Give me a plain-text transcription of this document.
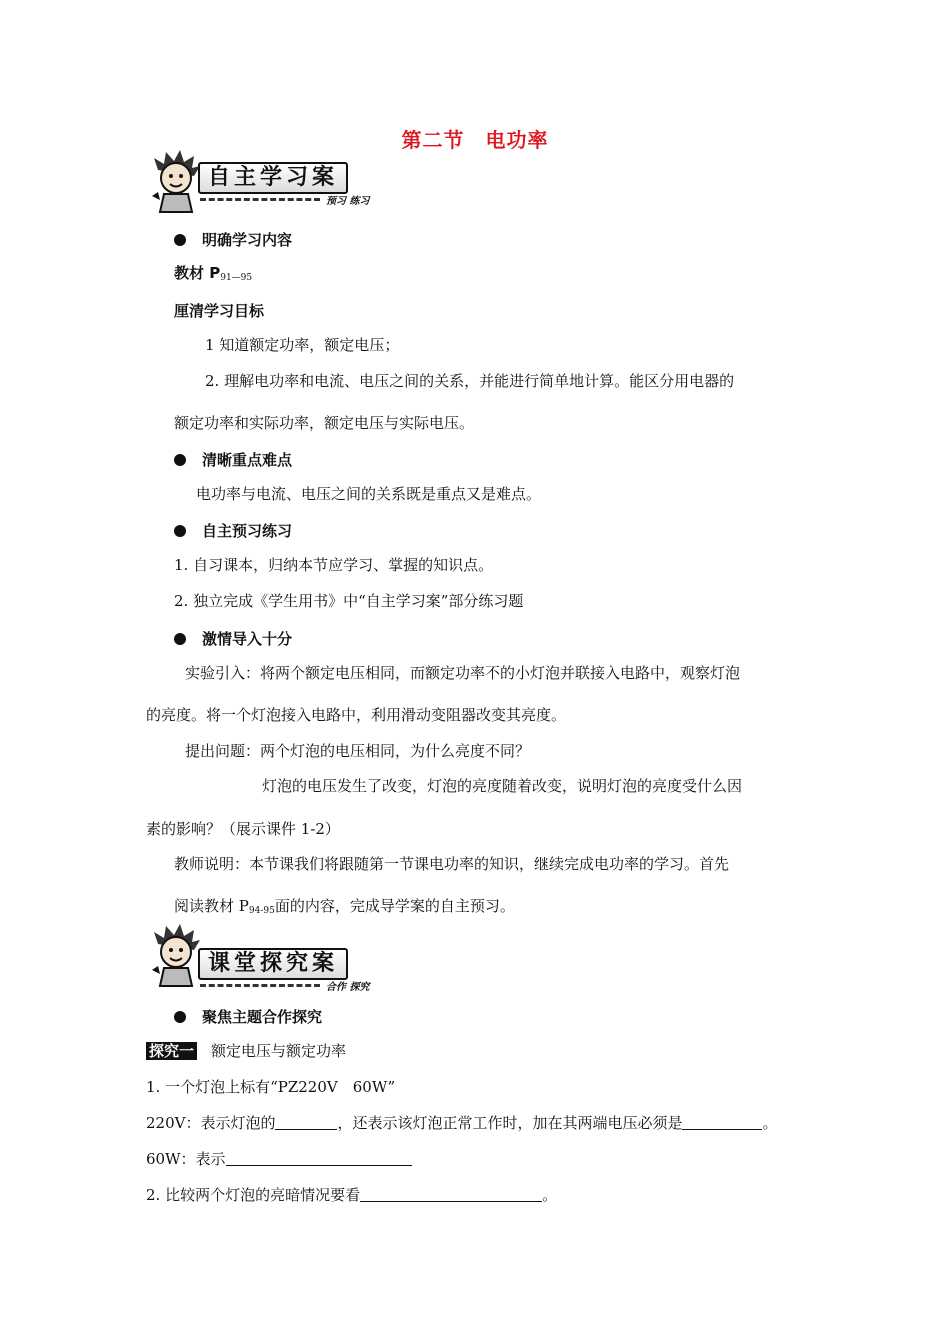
第二节　电功率
自主学习案
预习 练习
明确学习内容
教材 $P_{91—95}$
厘清学习目标
1 知道额定功率，额定电压；
2. 理解电功率和电流、电压之间的关系，并能进行简单地计算。能区分用电器的
额定功率和实际功率，额定电压与实际电压。
清晰重点难点
电功率与电流、电压之间的关系既是重点又是难点。
自主预习练习
1. 自习课本，归纳本节应学习、掌握的知识点。
2. 独立完成《学生用书》中“自主学习案”部分练习题
激情导入十分
实验引入：将两个额定电压相同，而额定功率不的小灯泡并联接入电路中，观察灯泡
的亮度。将一个灯泡接入电路中，利用滑动变阻器改变其亮度。
提出问题：两个灯泡的电压相同，为什么亮度不同？
灯泡的电压发生了改变，灯泡的亮度随着改变，说明灯泡的亮度受什么因
素的影响？（展示课件 1-2）
教师说明：本节课我们将跟随第一节课电功率的知识，继续完成电功率的学习。首先
阅读教材 $P_{94-95}$面的内容，完成导学案的自主预习。
课堂探究案
合作 探究
聚焦主题合作探究
探究一 额定电压与额定功率
1. 一个灯泡上标有“PZ220V　60W”
220V：表示灯泡的	，还表示该灯泡正常工作时，加在其两端电压必须是	。
60W：表示
2. 比较两个灯泡的亮暗情况要看	。
